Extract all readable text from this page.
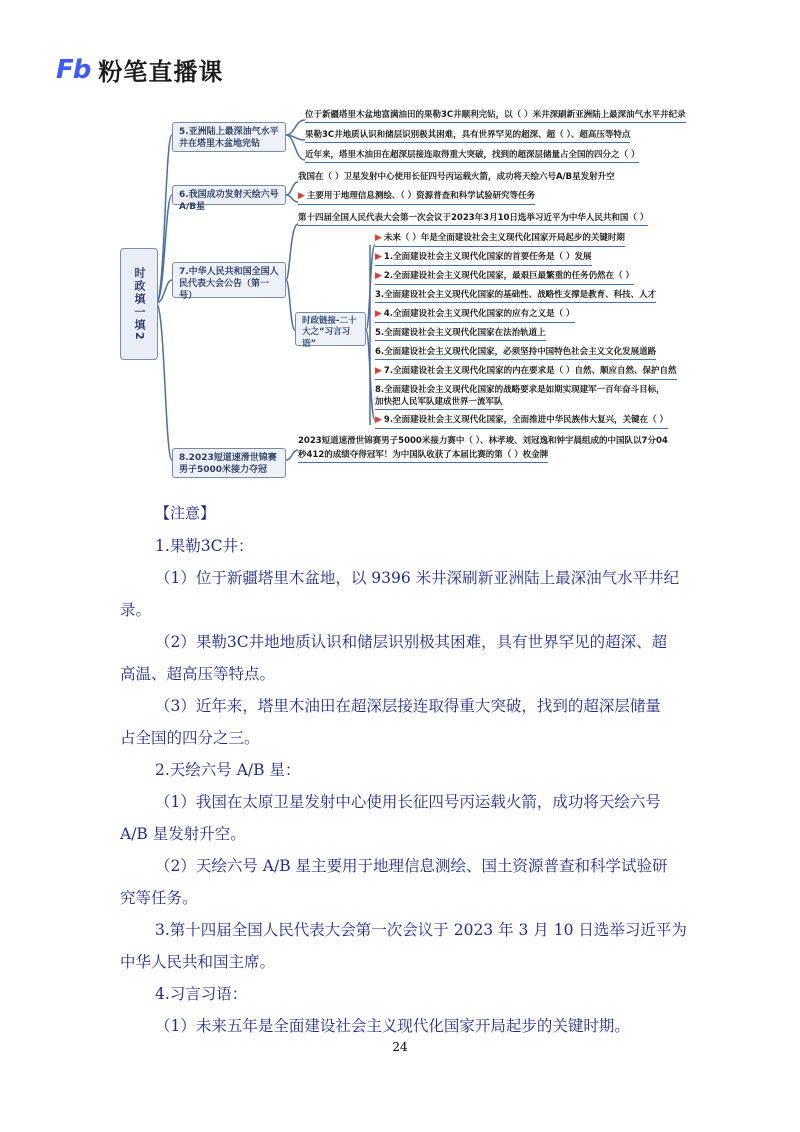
Fb 粉笔直播课
时政填一填2
5.亚洲陆上最深油气水平井在塔里木盆地完钻
位于新疆塔里木盆地富满油田的果勒3C井顺利完钻，以（ ）米井深刷新亚洲陆上最深油气水平井纪录
果勒3C井地质认识和储层识别极其困难，具有世界罕见的超深、超（ ）、超高压等特点
近年来，塔里木油田在超深层接连取得重大突破，找到的超深层储量占全国的四分之（ ）
6.我国成功发射天绘六号A/B星
我国在（ ）卫星发射中心使用长征四号丙运载火箭，成功将天绘六号A/B星发射升空
▶ 主要用于地理信息测绘、（ ）资源普查和科学试验研究等任务
7.中华人民共和国全国人民代表大会公告（第一号）
第十四届全国人民代表大会第一次会议于2023年3月10日选举习近平为中华人民共和国（ ）
时政链接-二十大之“习言习语”
▶ 未来（ ）年是全面建设社会主义现代化国家开局起步的关键时期
▶ 1.全面建设社会主义现代化国家的首要任务是（ ）发展
▶ 2.全面建设社会主义现代化国家，最艰巨最繁重的任务仍然在（ ）
3.全面建设社会主义现代化国家的基础性、战略性支撑是教育、科技、人才
▶ 4.全面建设社会主义现代化国家的应有之义是（ ）
5.全面建设社会主义现代化国家在法治轨道上
6.全面建设社会主义现代化国家，必须坚持中国特色社会主义文化发展道路
▶ 7.全面建设社会主义现代化国家的内在要求是（ ）自然、顺应自然、保护自然
8.全面建设社会主义现代化国家的战略要求是如期实现建军一百年奋斗目标，
加快把人民军队建成世界一流军队
▶ 9.全面建设社会主义现代化国家，全面推进中华民族伟大复兴，关键在（ ）
8.2023短道速滑世锦赛男子5000米接力夺冠
2023短道速滑世锦赛男子5000米接力赛中（ ）、林孝埈、刘冠逸和钟宇晨组成的中国队以7分04
秒412的成绩夺得冠军！为中国队收获了本届比赛的第（ ）枚金牌
【注意】
1.果勒3C井：
（1）位于新疆塔里木盆地，以 9396 米井深刷新亚洲陆上最深油气水平井纪
录。
（2）果勒3C井地地质认识和储层识别极其困难，具有世界罕见的超深、超
高温、超高压等特点。
（3）近年来，塔里木油田在超深层接连取得重大突破，找到的超深层储量
占全国的四分之三。
2.天绘六号 A/B 星：
（1）我国在太原卫星发射中心使用长征四号丙运载火箭，成功将天绘六号
A/B 星发射升空。
（2）天绘六号 A/B 星主要用于地理信息测绘、国土资源普查和科学试验研
究等任务。
3.第十四届全国人民代表大会第一次会议于 2023 年 3 月 10 日选举习近平为
中华人民共和国主席。
4.习言习语：
（1）未来五年是全面建设社会主义现代化国家开局起步的关键时期。
24
